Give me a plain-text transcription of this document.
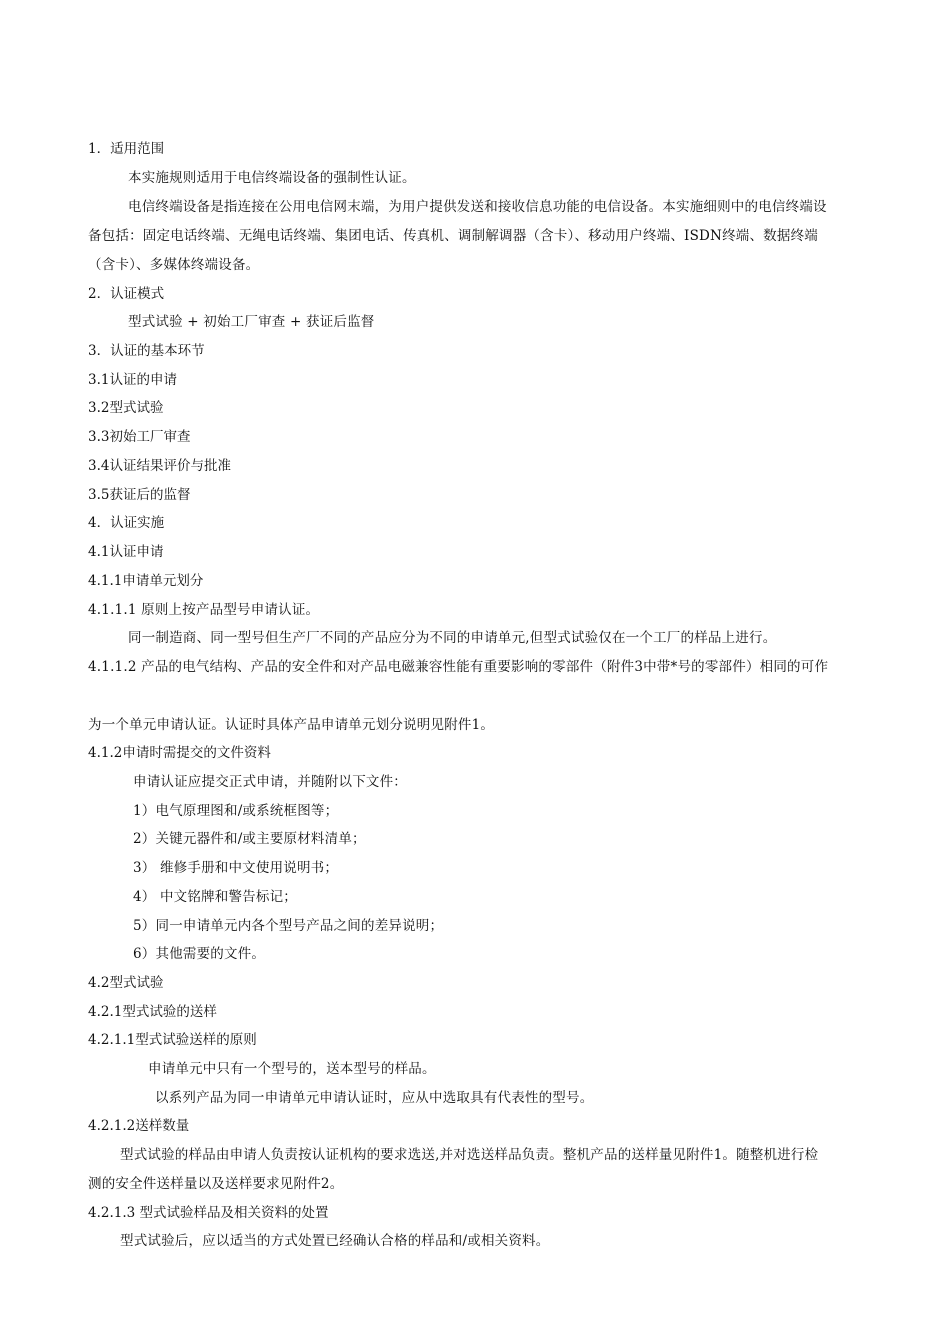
1．适用范围
本实施规则适用于电信终端设备的强制性认证。
电信终端设备是指连接在公用电信网末端，为用户提供发送和接收信息功能的电信设备。本实施细则中的电信终端设
备包括：固定电话终端、无绳电话终端、集团电话、传真机、调制解调器（含卡）、移动用户终端、ISDN终端、数据终端
（含卡）、多媒体终端设备。
2．认证模式
型式试验 + 初始工厂审查 + 获证后监督
3．认证的基本环节
3.1认证的申请
3.2型式试验
3.3初始工厂审查
3.4认证结果评价与批准
3.5获证后的监督
4．认证实施
4.1认证申请
4.1.1申请单元划分
4.1.1.1 原则上按产品型号申请认证。
同一制造商、同一型号但生产厂不同的产品应分为不同的申请单元,但型式试验仅在一个工厂的样品上进行。
4.1.1.2 产品的电气结构、产品的安全件和对产品电磁兼容性能有重要影响的零部件（附件3中带*号的零部件）相同的可作
为一个单元申请认证。认证时具体产品申请单元划分说明见附件1。
4.1.2申请时需提交的文件资料
申请认证应提交正式申请，并随附以下文件：
1）电气原理图和/或系统框图等；
2）关键元器件和/或主要原材料清单；
3） 维修手册和中文使用说明书；
4） 中文铭牌和警告标记；
5）同一申请单元内各个型号产品之间的差异说明；
6）其他需要的文件。
4.2型式试验
4.2.1型式试验的送样
4.2.1.1型式试验送样的原则
申请单元中只有一个型号的，送本型号的样品。
以系列产品为同一申请单元申请认证时，应从中选取具有代表性的型号。
4.2.1.2送样数量
型式试验的样品由申请人负责按认证机构的要求选送,并对选送样品负责。整机产品的送样量见附件1。随整机进行检
测的安全件送样量以及送样要求见附件2。
4.2.1.3 型式试验样品及相关资料的处置
型式试验后，应以适当的方式处置已经确认合格的样品和/或相关资料。
